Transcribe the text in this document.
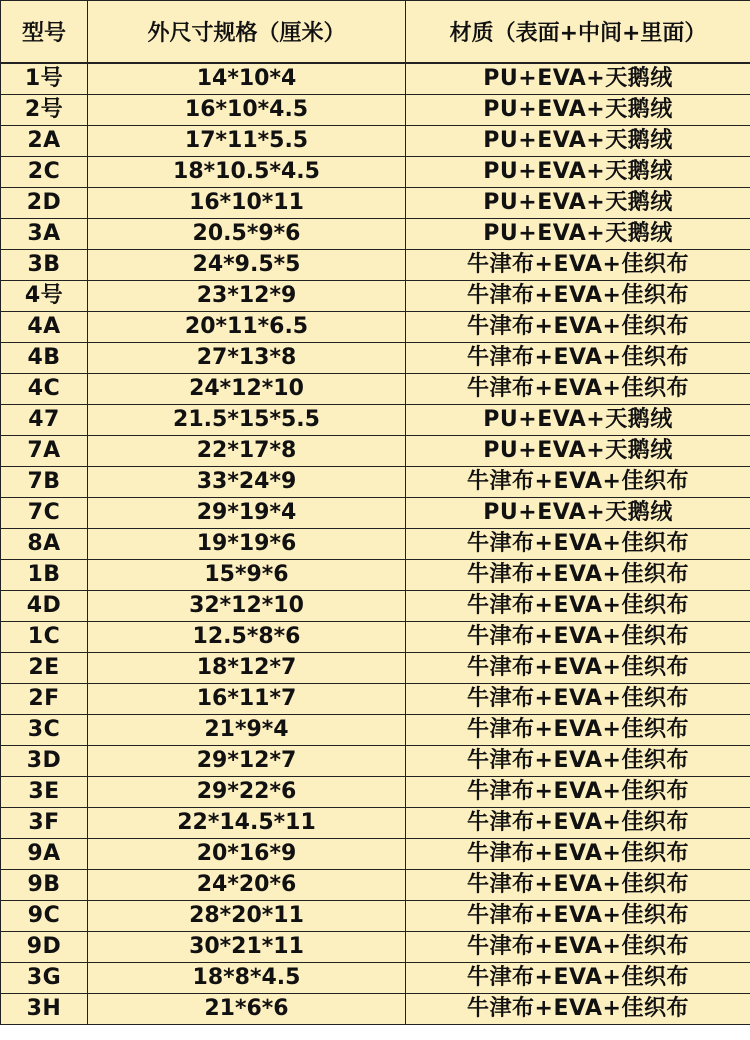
型号	外尺寸规格（厘米）	材质（表面+中间+里面）
1号	14*10*4	PU+EVA+天鹅绒
2号	16*10*4.5	PU+EVA+天鹅绒
2A	17*11*5.5	PU+EVA+天鹅绒
2C	18*10.5*4.5	PU+EVA+天鹅绒
2D	16*10*11	PU+EVA+天鹅绒
3A	20.5*9*6	PU+EVA+天鹅绒
3B	24*9.5*5	牛津布+EVA+佳织布
4号	23*12*9	牛津布+EVA+佳织布
4A	20*11*6.5	牛津布+EVA+佳织布
4B	27*13*8	牛津布+EVA+佳织布
4C	24*12*10	牛津布+EVA+佳织布
47	21.5*15*5.5	PU+EVA+天鹅绒
7A	22*17*8	PU+EVA+天鹅绒
7B	33*24*9	牛津布+EVA+佳织布
7C	29*19*4	PU+EVA+天鹅绒
8A	19*19*6	牛津布+EVA+佳织布
1B	15*9*6	牛津布+EVA+佳织布
4D	32*12*10	牛津布+EVA+佳织布
1C	12.5*8*6	牛津布+EVA+佳织布
2E	18*12*7	牛津布+EVA+佳织布
2F	16*11*7	牛津布+EVA+佳织布
3C	21*9*4	牛津布+EVA+佳织布
3D	29*12*7	牛津布+EVA+佳织布
3E	29*22*6	牛津布+EVA+佳织布
3F	22*14.5*11	牛津布+EVA+佳织布
9A	20*16*9	牛津布+EVA+佳织布
9B	24*20*6	牛津布+EVA+佳织布
9C	28*20*11	牛津布+EVA+佳织布
9D	30*21*11	牛津布+EVA+佳织布
3G	18*8*4.5	牛津布+EVA+佳织布
3H	21*6*6	牛津布+EVA+佳织布
